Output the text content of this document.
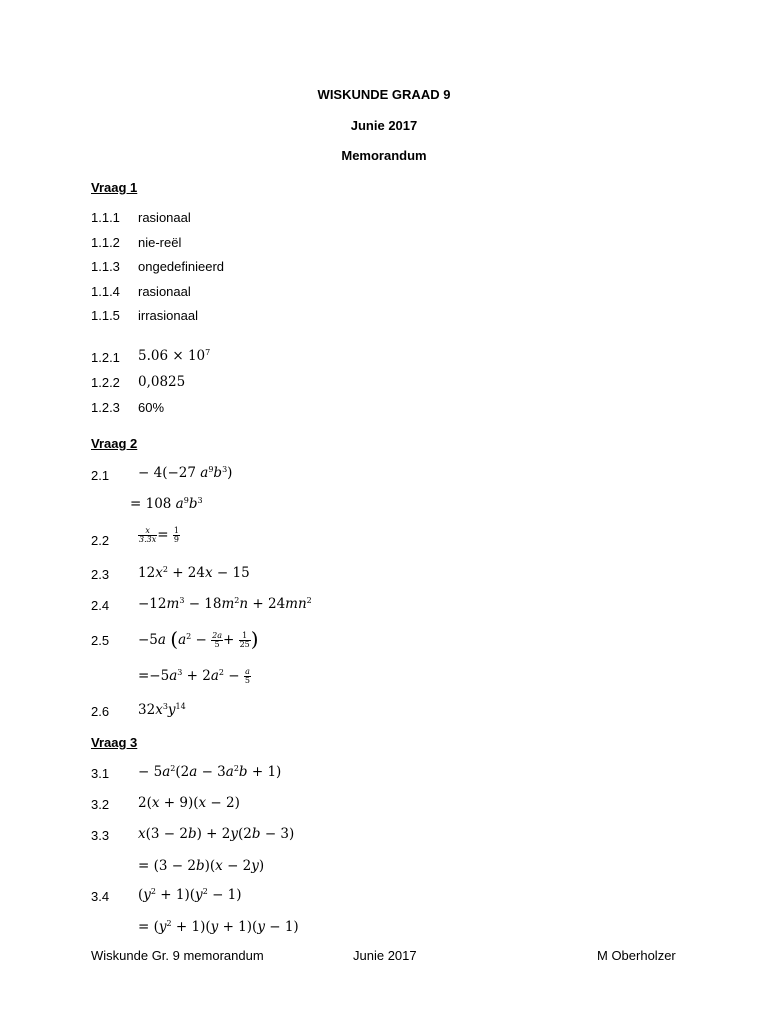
WISKUNDE GRAAD 9
Junie 2017
Memorandum
Vraag 1
1.1.1 rasionaal
1.1.2 nie-reël
1.1.3 ongedefinieerd
1.1.4 rasionaal
1.1.5 irrasionaal
1.2.1 $5.06 \times 10^7$
1.2.2 0,0825
1.2.3 60%
Vraag 2
2.1 − 4(−27 $a^9b^3$)
= 108 $a^9b^3$
2.2	$\frac{x}{3.3x} = \frac{1}{9}$
2.3 $12x^2 + 24x - 15$
$2.4 -12m^3 - 18m^2n + 24mn^2$
2.5 −5a ($a^2 - \frac{2a}{5} + \frac{1}{25}$ )
$=-5a^3 + 2a^2 - \frac{a}{5}$
2.6 $32x^3y^{14}$
Vraag 3
$3.1 - 5a^2(2a - 3a^2b + 1)$
3.2 2(x + 9)(x − 2)
3.3 x(3 − 2b) + 2y(2b − 3)
= (3 − 2b)(x − 2y)
3.4 $(y^2 + 1)(y^2 - 1)$
= $(y^2 + 1)(y + 1)(y - 1)$
Wiskunde Gr. 9 memorandum	Junie 2017	M Oberholzer
